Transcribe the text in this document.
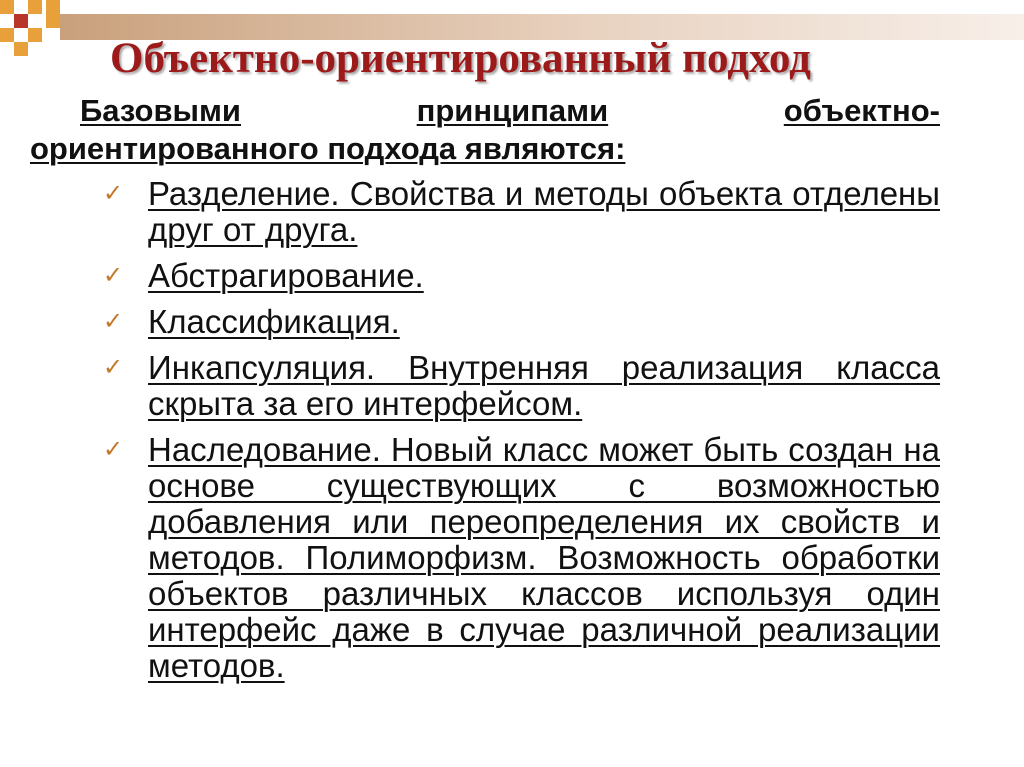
Объектно-ориентированный подход

Базовыми	принципами	объектно-
ориентированного подхода являются:

✓ Разделение. Свойства и методы объекта отделены друг от друга.
✓ Абстрагирование.
✓ Классификация.
✓ Инкапсуляция. Внутренняя реализация класса скрыта за его интерфейсом.
✓ Наследование. Новый класс может быть создан на основе существующих с возможностью добавления или переопределения их свойств и методов. Полиморфизм. Возможность обработки объектов различных классов используя один интерфейс даже в случае различной реализации методов.
